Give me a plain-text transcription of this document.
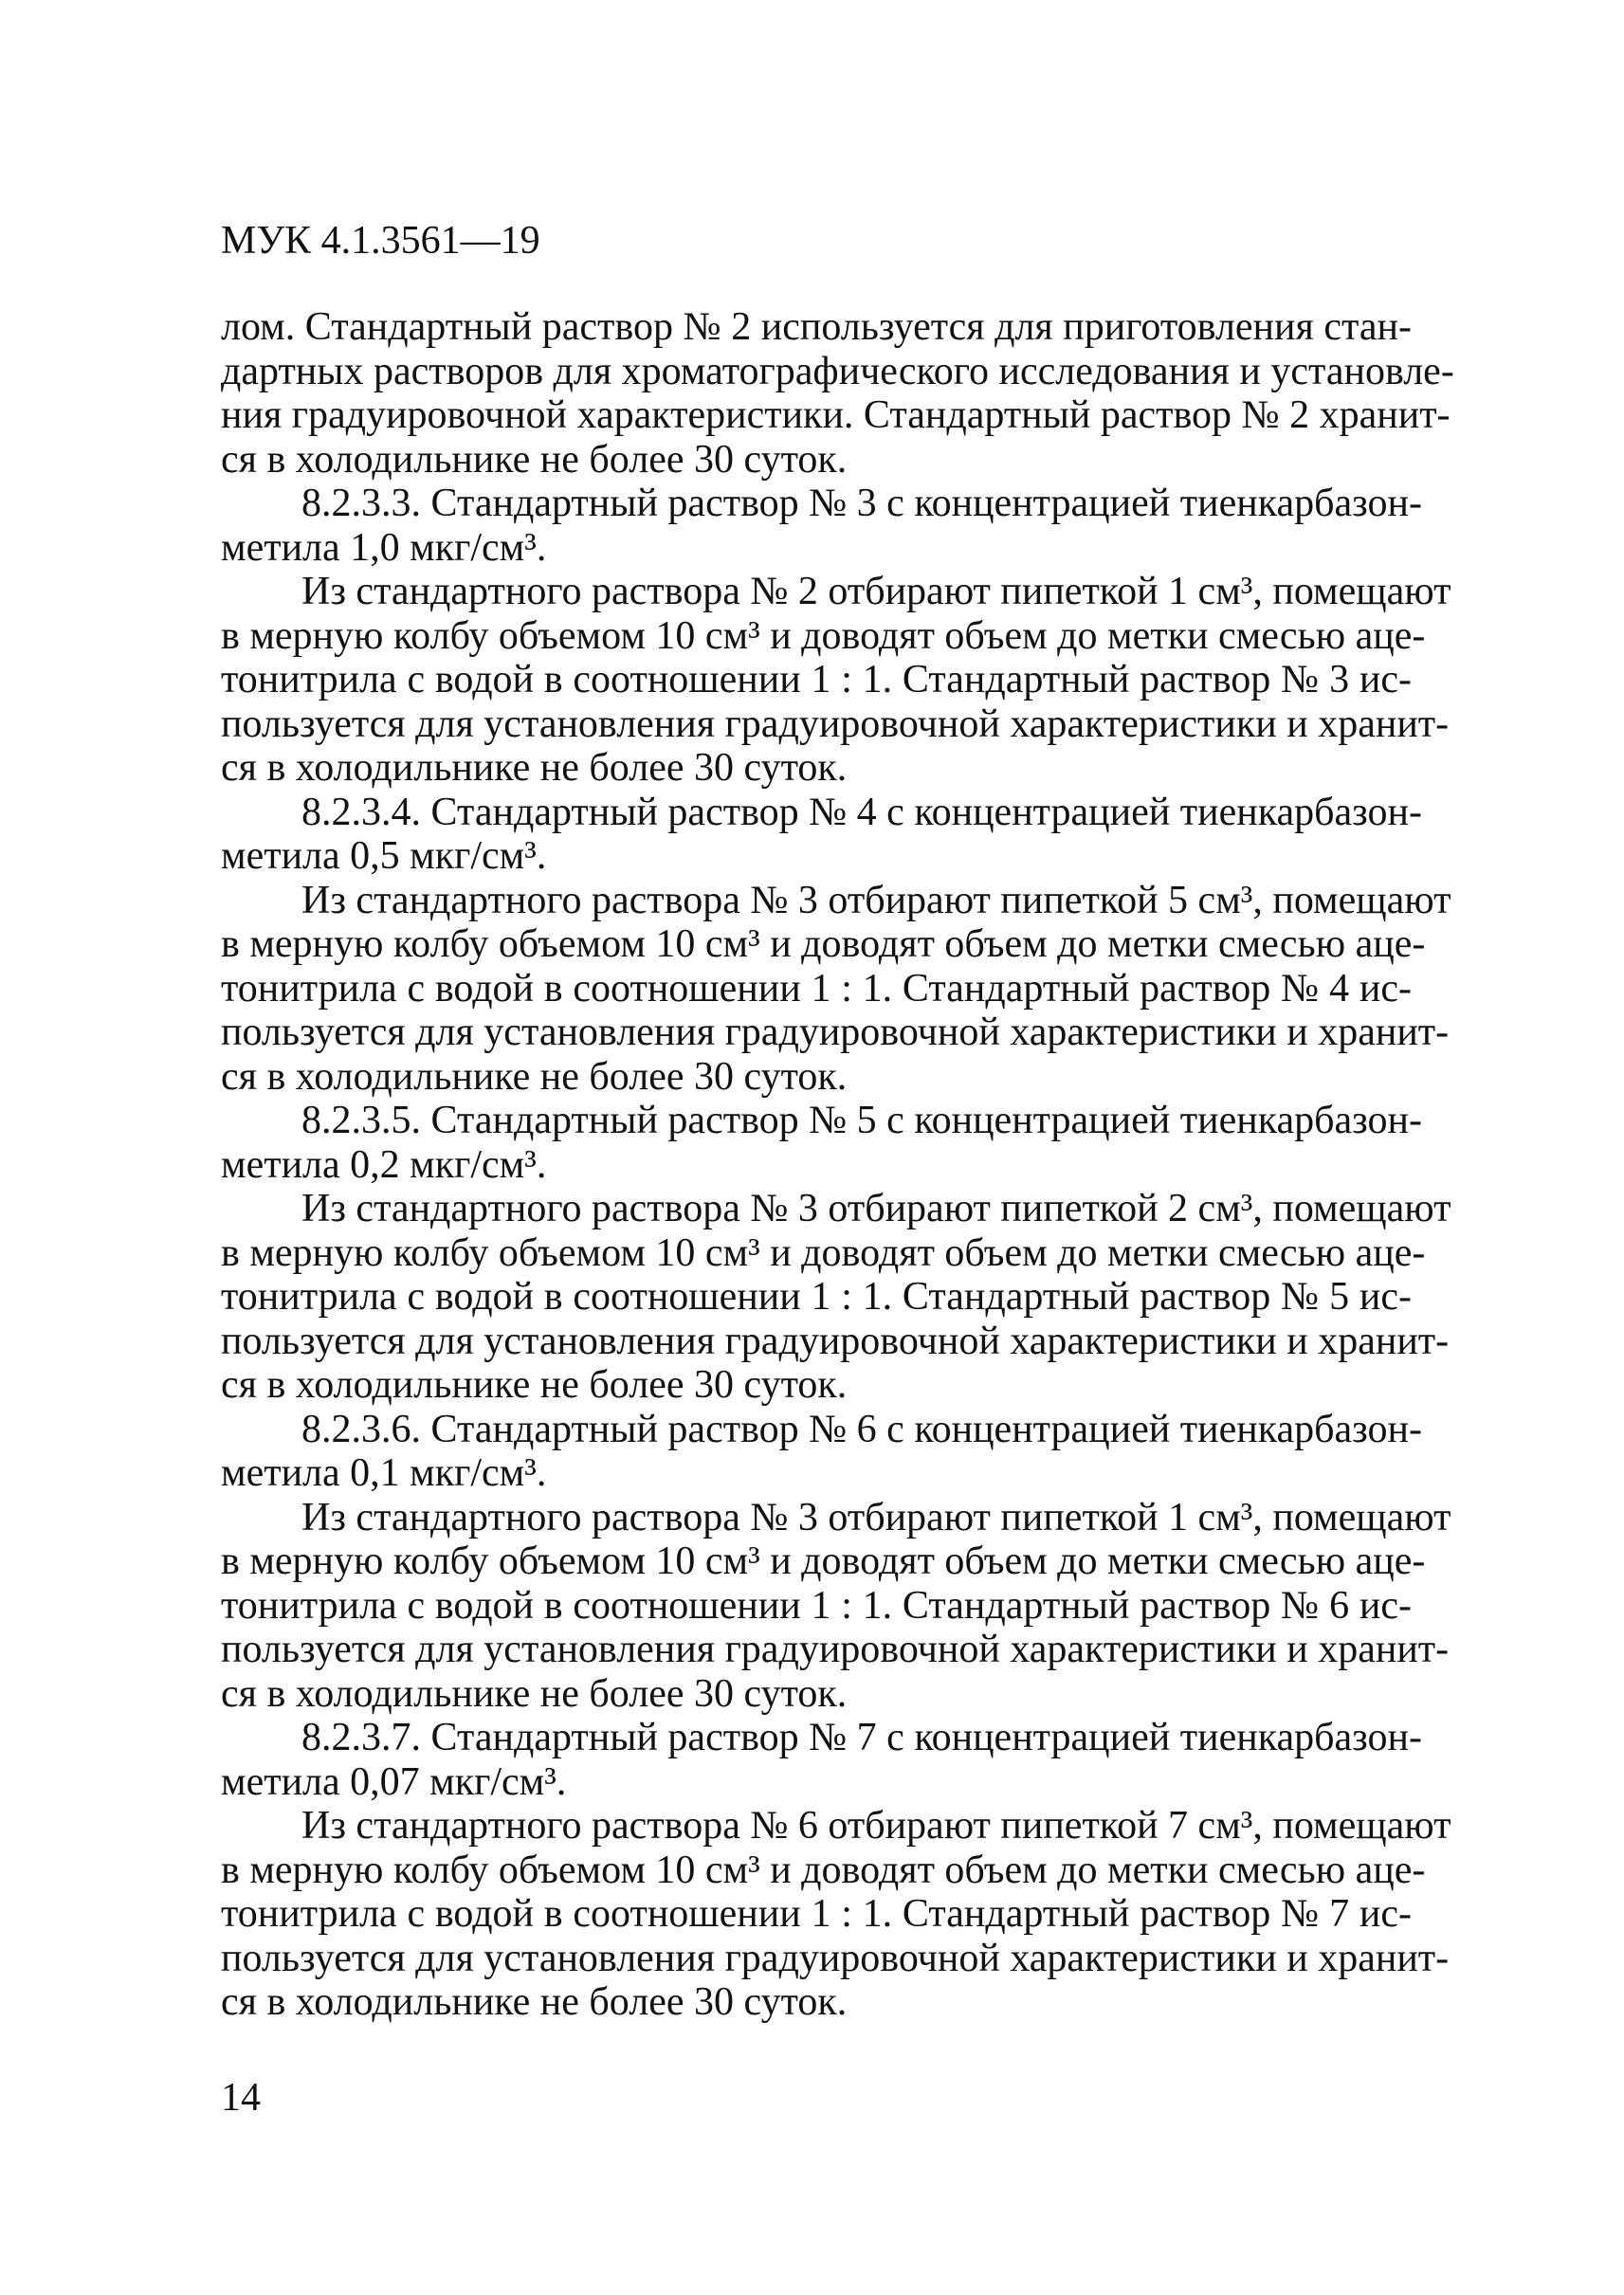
МУК 4.1.3561—19
лом. Стандартный раствор № 2 используется для приготовления стан-
дартных растворов для хроматографического исследования и установле-
ния градуировочной характеристики. Стандартный раствор № 2 хранит-
ся в холодильнике не более 30 суток.
8.2.3.3. Стандартный раствор № 3 с концентрацией тиенкарбазон-
метила 1,0 мкг/см³.
Из стандартного раствора № 2 отбирают пипеткой 1 см³, помещают
в мерную колбу объемом 10 см³ и доводят объем до метки смесью аце-
тонитрила с водой в соотношении 1 : 1. Стандартный раствор № 3 ис-
пользуется для установления градуировочной характеристики и хранит-
ся в холодильнике не более 30 суток.
8.2.3.4. Стандартный раствор № 4 с концентрацией тиенкарбазон-
метила 0,5 мкг/см³.
Из стандартного раствора № 3 отбирают пипеткой 5 см³, помещают
в мерную колбу объемом 10 см³ и доводят объем до метки смесью аце-
тонитрила с водой в соотношении 1 : 1. Стандартный раствор № 4 ис-
пользуется для установления градуировочной характеристики и хранит-
ся в холодильнике не более 30 суток.
8.2.3.5. Стандартный раствор № 5 с концентрацией тиенкарбазон-
метила 0,2 мкг/см³.
Из стандартного раствора № 3 отбирают пипеткой 2 см³, помещают
в мерную колбу объемом 10 см³ и доводят объем до метки смесью аце-
тонитрила с водой в соотношении 1 : 1. Стандартный раствор № 5 ис-
пользуется для установления градуировочной характеристики и хранит-
ся в холодильнике не более 30 суток.
8.2.3.6. Стандартный раствор № 6 с концентрацией тиенкарбазон-
метила 0,1 мкг/см³.
Из стандартного раствора № 3 отбирают пипеткой 1 см³, помещают
в мерную колбу объемом 10 см³ и доводят объем до метки смесью аце-
тонитрила с водой в соотношении 1 : 1. Стандартный раствор № 6 ис-
пользуется для установления градуировочной характеристики и хранит-
ся в холодильнике не более 30 суток.
8.2.3.7. Стандартный раствор № 7 с концентрацией тиенкарбазон-
метила 0,07 мкг/см³.
Из стандартного раствора № 6 отбирают пипеткой 7 см³, помещают
в мерную колбу объемом 10 см³ и доводят объем до метки смесью аце-
тонитрила с водой в соотношении 1 : 1. Стандартный раствор № 7 ис-
пользуется для установления градуировочной характеристики и хранит-
ся в холодильнике не более 30 суток.
14
